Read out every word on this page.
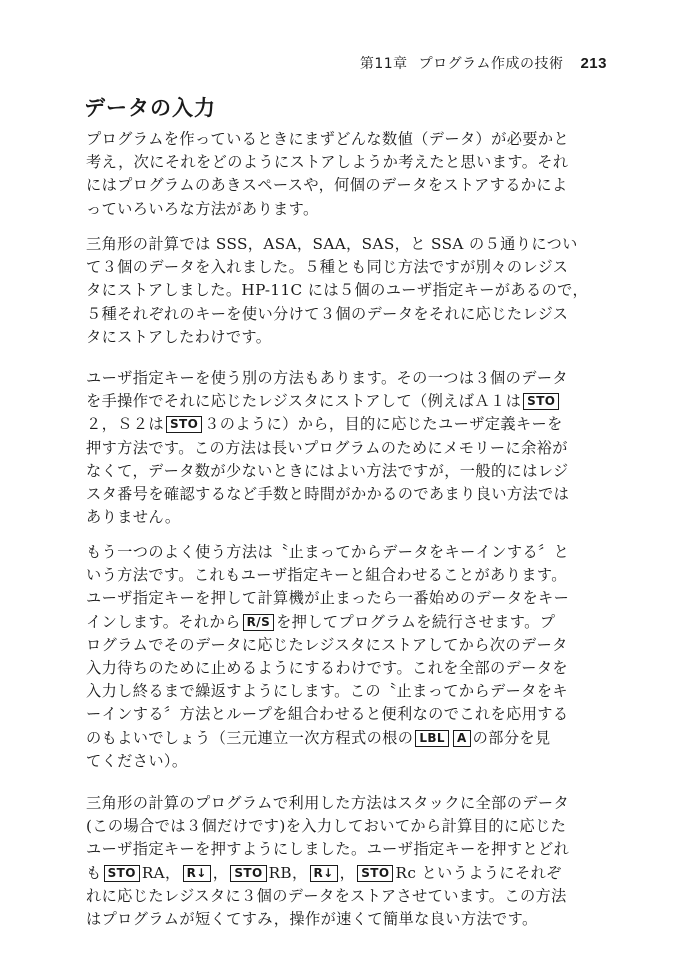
第11章 プログラム作成の技術 213
データの入力
プログラムを作っているときにまずどんな数値（データ）が必要かと
考え，次にそれをどのようにストアしようか考えたと思います。それ
にはプログラムのあきスペースや，何個のデータをストアするかによ
っていろいろな方法があります。
三角形の計算では SSS，ASA，SAA，SAS，と SSA の５通りについ
て３個のデータを入れました。５種とも同じ方法ですが別々のレジス
タにストアしました。HP-11C には５個のユーザ指定キーがあるので，
５種それぞれのキーを使い分けて３個のデータをそれに応じたレジス
タにストアしたわけです。
ユーザ指定キーを使う別の方法もあります。その一つは３個のデータ
を手操作でそれに応じたレジスタにストアして（例えばＡ１は STO
２，Ｓ２は STO ３のように）から，目的に応じたユーザ定義キーを
押す方法です。この方法は長いプログラムのためにメモリーに余裕が
なくて，データ数が少ないときにはよい方法ですが，一般的にはレジ
スタ番号を確認するなど手数と時間がかかるのであまり良い方法では
ありません。
もう一つのよく使う方法は〝止まってからデータをキーインする〞と
いう方法です。これもユーザ指定キーと組合わせることがあります。
ユーザ指定キーを押して計算機が止まったら一番始めのデータをキー
インします。それから R/S を押してプログラムを続行させます。プ
ログラムでそのデータに応じたレジスタにストアしてから次のデータ
入力待ちのために止めるようにするわけです。これを全部のデータを
入力し終るまで繰返すようにします。この〝止まってからデータをキ
ーインする〞方法とループを組合わせると便利なのでこれを応用する
のもよいでしょう（三元連立一次方程式の根の LBL A の部分を見
てください）。
三角形の計算のプログラムで利用した方法はスタックに全部のデータ
(この場合では３個だけです)を入力しておいてから計算目的に応じた
ユーザ指定キーを押すようにしました。ユーザ指定キーを押すとどれ
も STO RA， R↓ ， STO RB， R↓ ， STO Rc というようにそれぞ
れに応じたレジスタに３個のデータをストアさせています。この方法
はプログラムが短くてすみ，操作が速くて簡単な良い方法です。
